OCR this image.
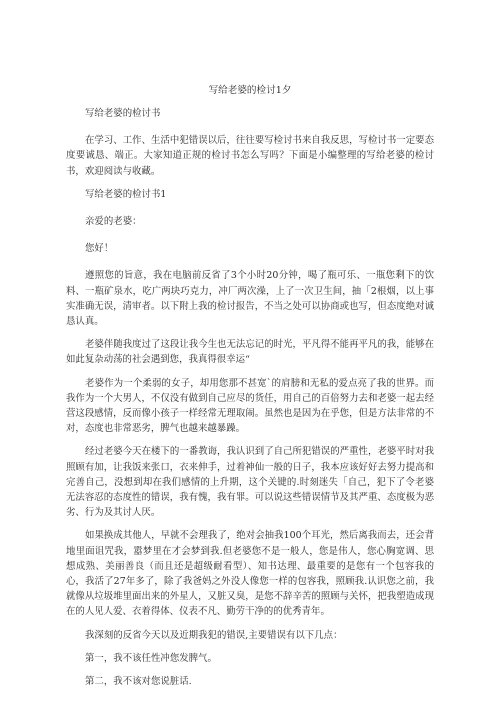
写给老婆的检讨1夕

写给老婆的检讨书

在学习、工作、生活中犯错误以后，往往要写检讨书来自我反思，写检讨书一定要态度要诚恳、端正。大家知道正规的检讨书怎么写吗？下面是小编整理的写给老婆的检讨书，欢迎阅读与收藏。

写给老婆的检讨书1

亲爱的老婆：

您好！

遵照您的旨意，我在电脑前反省了3个小时20分钟，喝了瓶可乐、一瓶您剩下的饮料、一瓶矿泉水，吃广两块巧克力，冲厂两次澡，上了一次卫生间，抽「2根烟，以上事实准确无误，清审者。以下附上我的检讨报告，不当之处可以协商或也写，但态度绝对诚恳认真。

老婆伴随我度过了这段让我今生也无法忘记的时光，平凡得不能再平凡的我，能够在如此复杂动荡的社会遇到您，我真得很幸运“

老婆作为一个柔弱的女子，却用您那不甚宽`的肩膀和无私的爱点亮了我的世界。而我作为一个大男人，不仅没有做到自己应尽的货任，用自己的百倍努力去和老婆一起去经营这段感情，反而像小孩子一样经常无理取闹。虽然也是因为在乎您，但是方法非常的不对，态度也非常恶劣，脾气也越来越暴躁。

经过老婆今天在楼下的一番教诲，我认识到了自己所犯错误的严重性，老婆平时对我照顾有加，让我饭来张口，衣来伸手，过着神仙一般的日子，我本应该好好去努力提高和完善自己，没想到却在我们感情的上升期，这个关键的.时刻迷失「自己，犯下了令老婆无法容忍的态度性的错误，我有愧，我有罪。可以说这些错误情节及其严重、态度极为恶劣、行为及其讨人厌。

如果换成其他人，早就不会理我了，绝对会抽我100个耳光，然后离我而去，还会背地里面诅咒我，嚣梦里在才会梦到我.但老婆您不是一般人，您是伟人，您心胸宽调、思想成熟、美丽善良（而且还是超级耐看型）、知书达理、最重要的是您有一个包容我的心，我活了27年多了，除了我爸妈之外没人像您一样的包容我，照顾我.认识您之前，我就像从垃圾堆里面出来的外星人，又脏又臭，是您不辞辛苦的照顾与关怀，把我塑造成现在的人见人爱、衣着得体、仪表不凡、勤劳干净的的优秀青年。

我深刻的反省今天以及近期我犯的错误,主要错误有以下几点：

第一，我不该任性冲您发脾气。

第二，我不该对您说脏话.
